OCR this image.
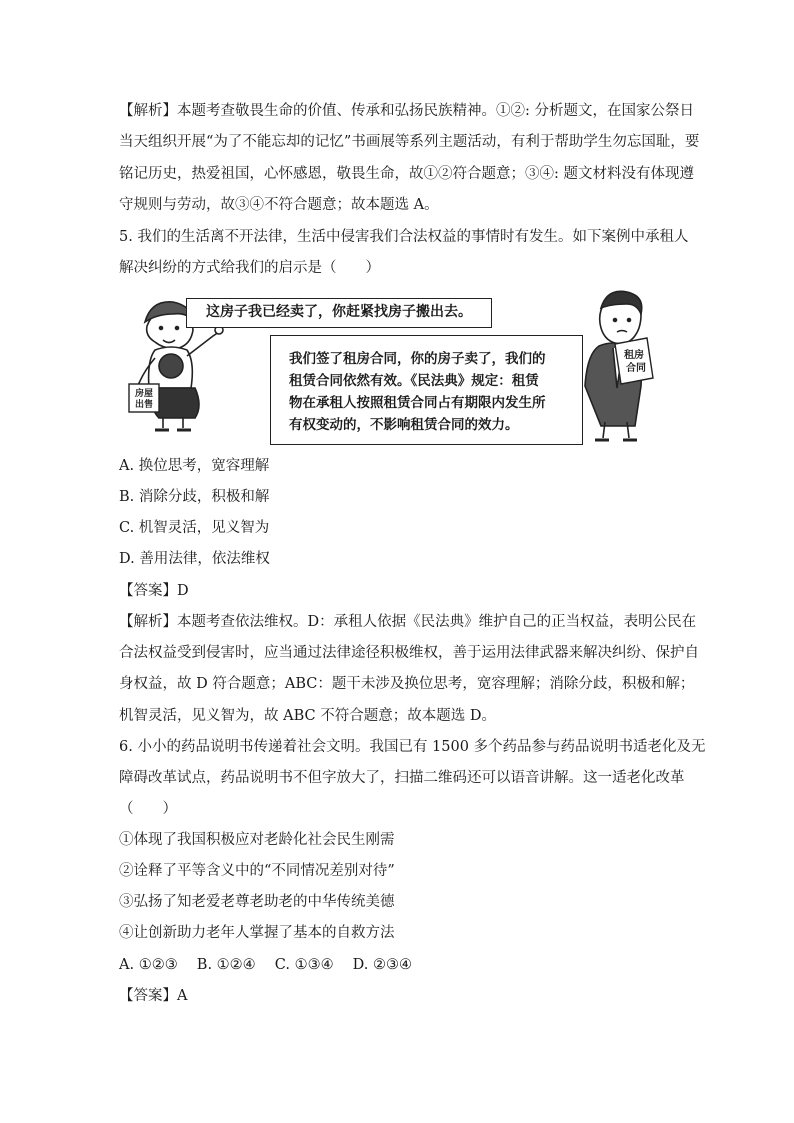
【解析】本题考查敬畏生命的价值、传承和弘扬民族精神。①②: 分析题文，在国家公祭日
当天组织开展“为了不能忘却的记忆”书画展等系列主题活动，有利于帮助学生勿忘国耻，要
铭记历史，热爱祖国，心怀感恩，敬畏生命，故①②符合题意；③④: 题文材料没有体现遵
守规则与劳动，故③④不符合题意；故本题选 A。
5. 我们的生活离不开法律，生活中侵害我们合法权益的事情时有发生。如下案例中承租人
解决纠纷的方式给我们的启示是（　　）
房屋
出售
租房
合同
这房子我已经卖了，你赶紧找房子搬出去。
我们签了租房合同，你的房子卖了，我们的
租赁合同依然有效。《民法典》规定：租赁
物在承租人按照租赁合同占有期限内发生所
有权变动的，不影响租赁合同的效力。
A. 换位思考，宽容理解
B. 消除分歧，积极和解
C. 机智灵活，见义智为
D. 善用法律，依法维权
【答案】D
【解析】本题考查依法维权。D：承租人依据《民法典》维护自己的正当权益，表明公民在
合法权益受到侵害时，应当通过法律途径积极维权，善于运用法律武器来解决纠纷、保护自
身权益，故 D 符合题意；ABC：题干未涉及换位思考，宽容理解；消除分歧，积极和解；
机智灵活，见义智为，故 ABC 不符合题意；故本题选 D。
6. 小小的药品说明书传递着社会文明。我国已有 1500 多个药品参与药品说明书适老化及无
障碍改革试点，药品说明书不但字放大了，扫描二维码还可以语音讲解。这一适老化改革
（　　）
①体现了我国积极应对老龄化社会民生刚需
②诠释了平等含义中的“不同情况差别对待”
③弘扬了知老爱老尊老助老的中华传统美德
④让创新助力老年人掌握了基本的自救方法
A. ①②③　 B. ①②④　 C. ①③④　 D. ②③④
【答案】A
